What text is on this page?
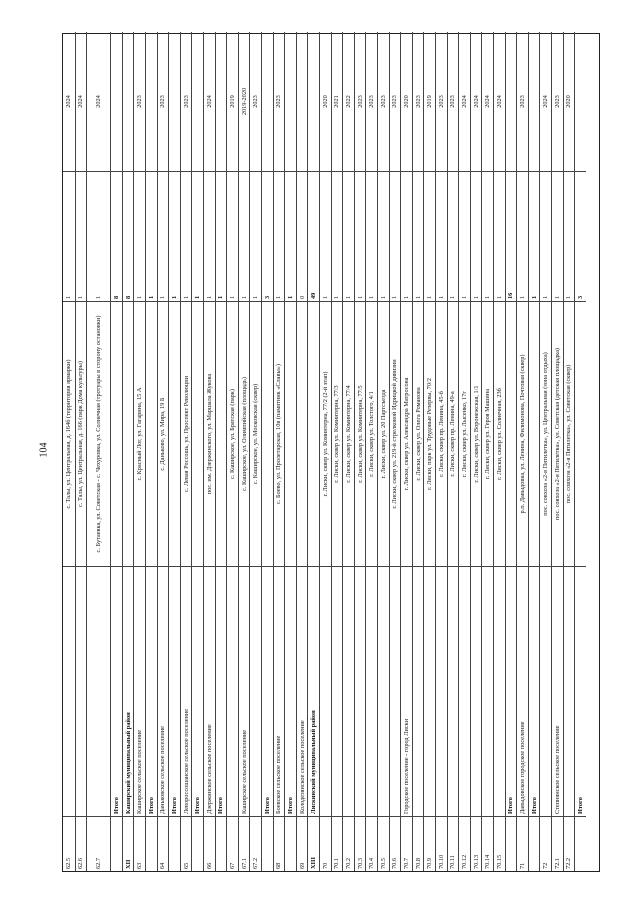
104
62.5
с. Талы, ул. Центральная, д. 164б (территория ярмарки)
1
2024
62.6
с. Талы, ул. Центральная, д. 166 (парк Дома культуры)
1
2024
62.7
с. Бутаевка, ул. Советская - с. Чехуровка, ул. Солнечная (тротуары в сторону остановки)
1
2024
Итого
8
XII
Каширский муниципальный район
8
63
Каширское сельское поселение
с. Красный Лог, ул. Гагарина, 15 А
1
2023
Итого
1
64
Даньковское сельское поселение
с. Даньково, ул. Мира, 19 Б
1
2023
Итого
1
65
Левороссошанское сельское поселение
с. Левая Россошь, ул. Проспект Революции
1
2023
Итого
1
66
Дзержинское сельское поселение
пос. им. Дзержинского, ул. Маршала Жукова
1
2024
Итого
1
67
с. Каширское, ул. Братская (парк)
1
2019
67.1
Каширское сельское поселение
с. Каширское, ул. Олимпийская (площадь)
1
2019-2020
67.2
с. Каширское, ул. Московская (сквер)
1
2023
Итого
3
68
Боевское сельское поселение
с. Боево, ул. Пролетарская, 10в (памятник «Славы»)
1
2023
Итого
1
69
Колодезянское сельское поселение
0
XIII
Лискинский муниципальный район
49
70
г. Лиски, сквер ул. Коминтерна, 77/2 (2-й этап)
1
2020
70.1
г. Лиски, сквер ул. Коминтерна, 77/3
1
2021
70.2
г. Лиски, сквер ул. Коминтерна, 77/4
1
2022
70.3
г. Лиски, сквер ул. Коминтерна, 77/5
1
2023
70.4
г. Лиски, сквер ул. Толстого, 4/1
1
2023
70.5
г. Лиски, сквер ул. 20 Партсъезда
1
2023
70.6
г. Лиски, сквер ул. 219-й стрелковой Идрицкой дивизии
1
2023
70.7
Городское поселение - город Лиски
г. Лиски, сквер ул. Александра Матросова
1
2020
70.8
г. Лиски, сквер ул. Олега Романова
1
2023
70.9
г. Лиски, парк ул. Трудовые Резервы, 70/2
1
2019
70.10
г. Лиски, сквер пр. Ленина, 45-б
1
2023
70.11
г. Лиски, сквер пр. Ленина, 49-а
1
2023
70.12
г. Лиски, сквер ул. Лысенко, 17г
1
2024
70.13
г. Лиски, сквер ул. Воронежская, 1/1
1
2024
70.14
г. Лиски, сквер ул. Героя Машина
1
2024
70.15
г. Лиски, сквер ул. Солнечная, 23б
1
2024
Итого
16
71
Давыдовское городское поселение
р.п. Давыдовка, ул. Ленина, Филимонова, Почтовая (сквер)
1
2023
Итого
1
72
пос. совхоза «2-я Пятилетка», ул. Центральная (зона отдыха)
1
2024
72.1
Степнянское сельское поселение
пос. совхоза «2-я Пятилетка», ул. Советская (детская площадка)
1
2023
72.2
пос. совхоза «2-я Пятилетка», ул. Советская (сквер)
1
2020
Итого
3
